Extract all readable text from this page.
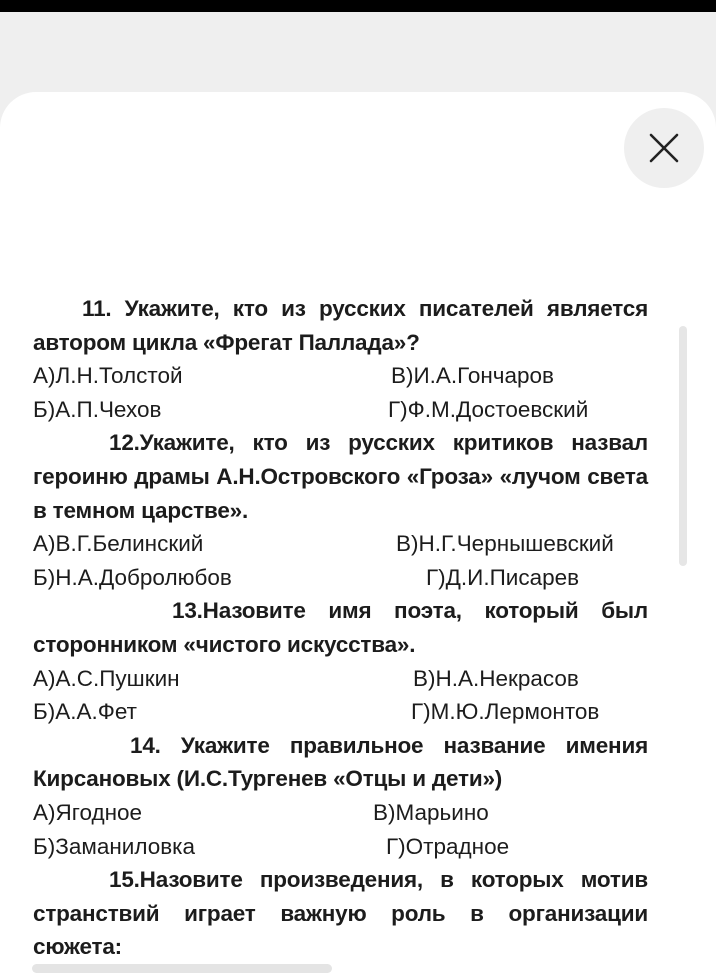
11. Укажите, кто из русских писателей является автором цикла «Фрегат Паллада»?
А)Л.Н.Толстой	В)И.А.Гончаров
Б)А.П.Чехов	Г)Ф.М.Достоевский
12.Укажите, кто из русских критиков назвал героиню драмы А.Н.Островского «Гроза» «лучом света в темном царстве».
А)В.Г.Белинский	В)Н.Г.Чернышевский
Б)Н.А.Добролюбов	Г)Д.И.Писарев
13.Назовите имя поэта, который был сторонником «чистого искусства».
А)А.С.Пушкин	В)Н.А.Некрасов
Б)А.А.Фет	Г)М.Ю.Лермонтов
14. Укажите правильное название имения Кирсановых (И.С.Тургенев «Отцы и дети»)
А)Ягодное	В)Марьино
Б)Заманиловка	Г)Отрадное
15.Назовите произведения, в которых мотив странствий играет важную роль в организации сюжета:
